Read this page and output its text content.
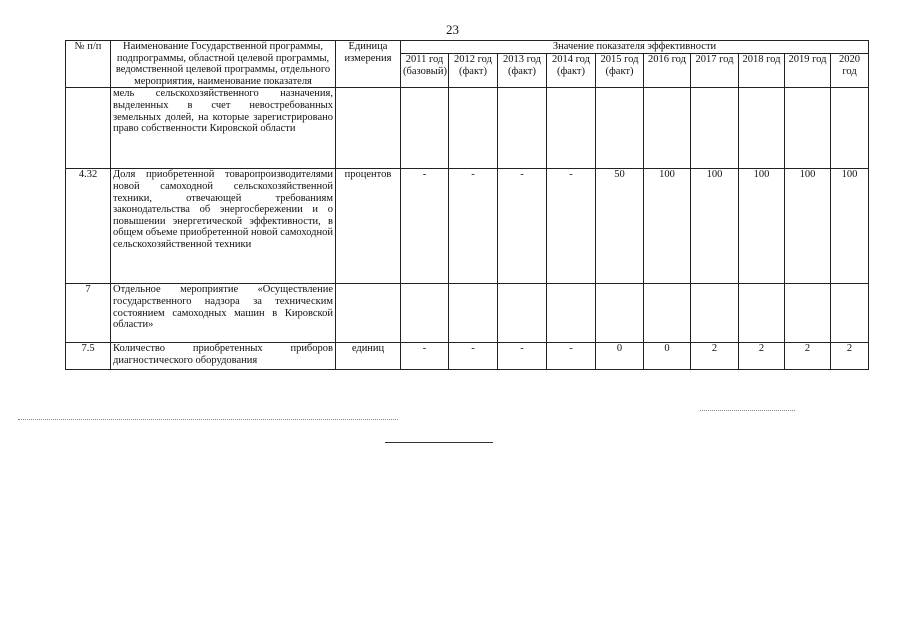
23
№ п/п	Наименование Государственной программы, подпрограммы, областной целевой программы, ведомственной целевой программы, отдельного мероприятия, наименование показателя	Единица измерения	Значение показателя эффективности									
			2011 год (базовый)	2012 год (факт)	2013 год (факт)	2014 год (факт)	2015 год (факт)	2016 год	2017 год	2018 год	2019 год	2020 год
	мель сельскохозяйственного назначения, выделенных в счет невостребованных земельных долей, на которые зарегистрировано право собственности Кировской области											
4.32	Доля приобретенной товаропроизводителями новой самоходной сельскохозяйственной техники, отвечающей требованиям законодательства об энергосбережении и о повышении энергетической эффективности, в общем объеме приобретенной новой самоходной сельскохозяйственной техники	процентов	-	-	-	-	50	100	100	100	100	100
7	Отдельное мероприятие «Осуществление государственного надзора за техническим состоянием самоходных машин в Кировской области»											
7.5	Количество приобретенных приборов диагностического оборудования	единиц	-	-	-	-	0	0	2	2	2	2
